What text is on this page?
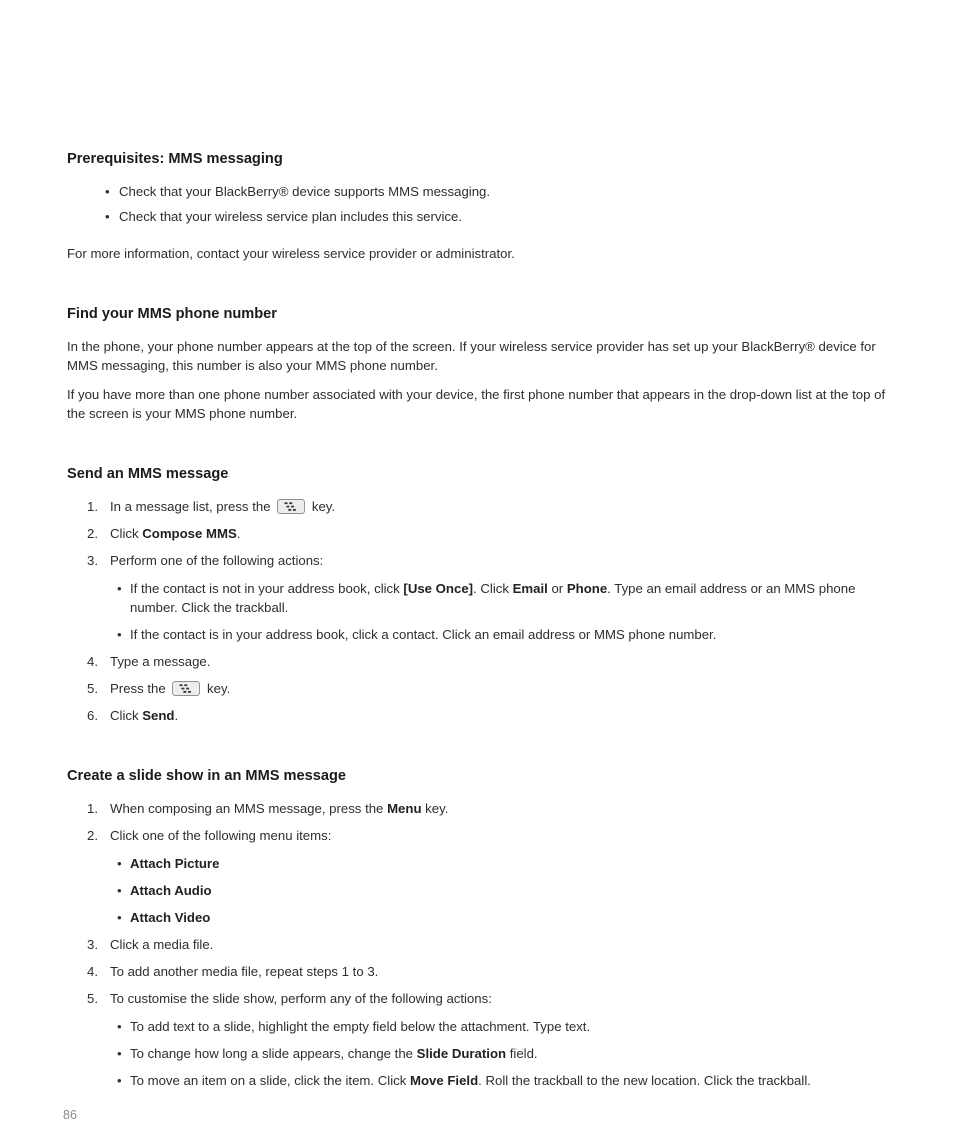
Prerequisites: MMS messaging
• Check that your BlackBerry® device supports MMS messaging.
• Check that your wireless service plan includes this service.

For more information, contact your wireless service provider or administrator.

Find your MMS phone number

In the phone, your phone number appears at the top of the screen. If your wireless service provider has set up your BlackBerry® device for MMS messaging, this number is also your MMS phone number.

If you have more than one phone number associated with your device, the first phone number that appears in the drop-down list at the top of the screen is your MMS phone number.

Send an MMS message
1. In a message list, press the	key.
2. Click Compose MMS.
3. Perform one of the following actions:
• If the contact is not in your address book, click [Use Once]. Click Email or Phone. Type an email address or an MMS phone number. Click the trackball.
• If the contact is in your address book, click a contact. Click an email address or MMS phone number.
4. Type a message.
5. Press the	key.
6. Click Send.
Create a slide show in an MMS message
1. When composing an MMS message, press the Menu key.
2. Click one of the following menu items:
• Attach Picture
• Attach Audio
• Attach Video
3. Click a media file.
4. To add another media file, repeat steps 1 to 3.
5. To customise the slide show, perform any of the following actions:
• To add text to a slide, highlight the empty field below the attachment. Type text.
• To change how long a slide appears, change the Slide Duration field.
• To move an item on a slide, click the item. Click Move Field. Roll the trackball to the new location. Click the trackball.
86
